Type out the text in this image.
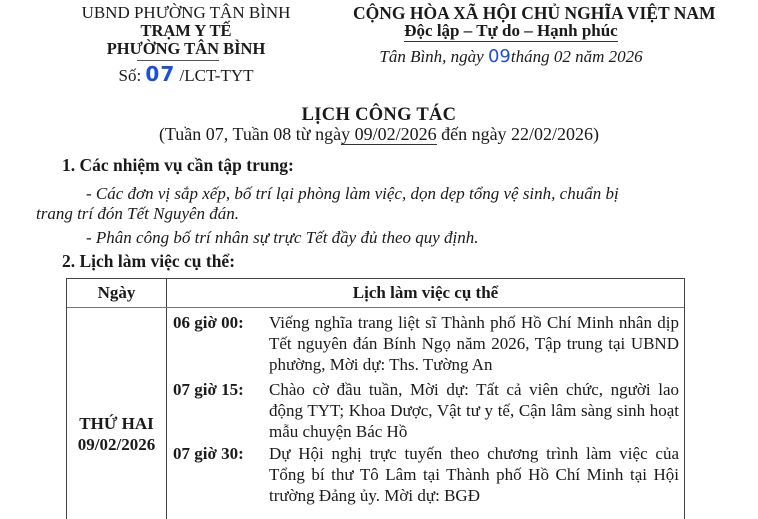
UBND PHƯỜNG TÂN BÌNH
TRẠM Y TẾ
PHƯỜNG TÂN BÌNH
Số: 07 /LCT-TYT
CỘNG HÒA XÃ HỘI CHỦ NGHĨA VIỆT NAM
Độc lập – Tự do – Hạnh phúc
Tân Bình, ngày 09tháng 02 năm 2026
LỊCH CÔNG TÁC
(Tuần 07, Tuần 08 từ ngày 09/02/2026 đến ngày 22/02/2026)
1. Các nhiệm vụ cần tập trung:
- Các đơn vị sắp xếp, bố trí lại phòng làm việc, dọn dẹp tổng vệ sinh, chuẩn bị
trang trí đón Tết Nguyên đán.
- Phân công bố trí nhân sự trực Tết đầy đủ theo quy định.
2. Lịch làm việc cụ thể:
Ngày	Lịch làm việc cụ thể
THỨ HAI
09/02/2026
06 giờ 00:	Viếng nghĩa trang liệt sĩ Thành phố Hồ Chí Minh nhân dịp Tết nguyên đán Bính Ngọ năm 2026, Tập trung tại UBND phường, Mời dự: Ths. Tường An
07 giờ 15:	Chào cờ đầu tuần, Mời dự: Tất cả viên chức, người lao động TYT; Khoa Dược, Vật tư y tế, Cận lâm sàng sinh hoạt mẫu chuyện Bác Hồ
07 giờ 30:	Dự Hội nghị trực tuyến theo chương trình làm việc của Tổng bí thư Tô Lâm tại Thành phố Hồ Chí Minh tại Hội trường Đảng ủy. Mời dự: BGĐ
